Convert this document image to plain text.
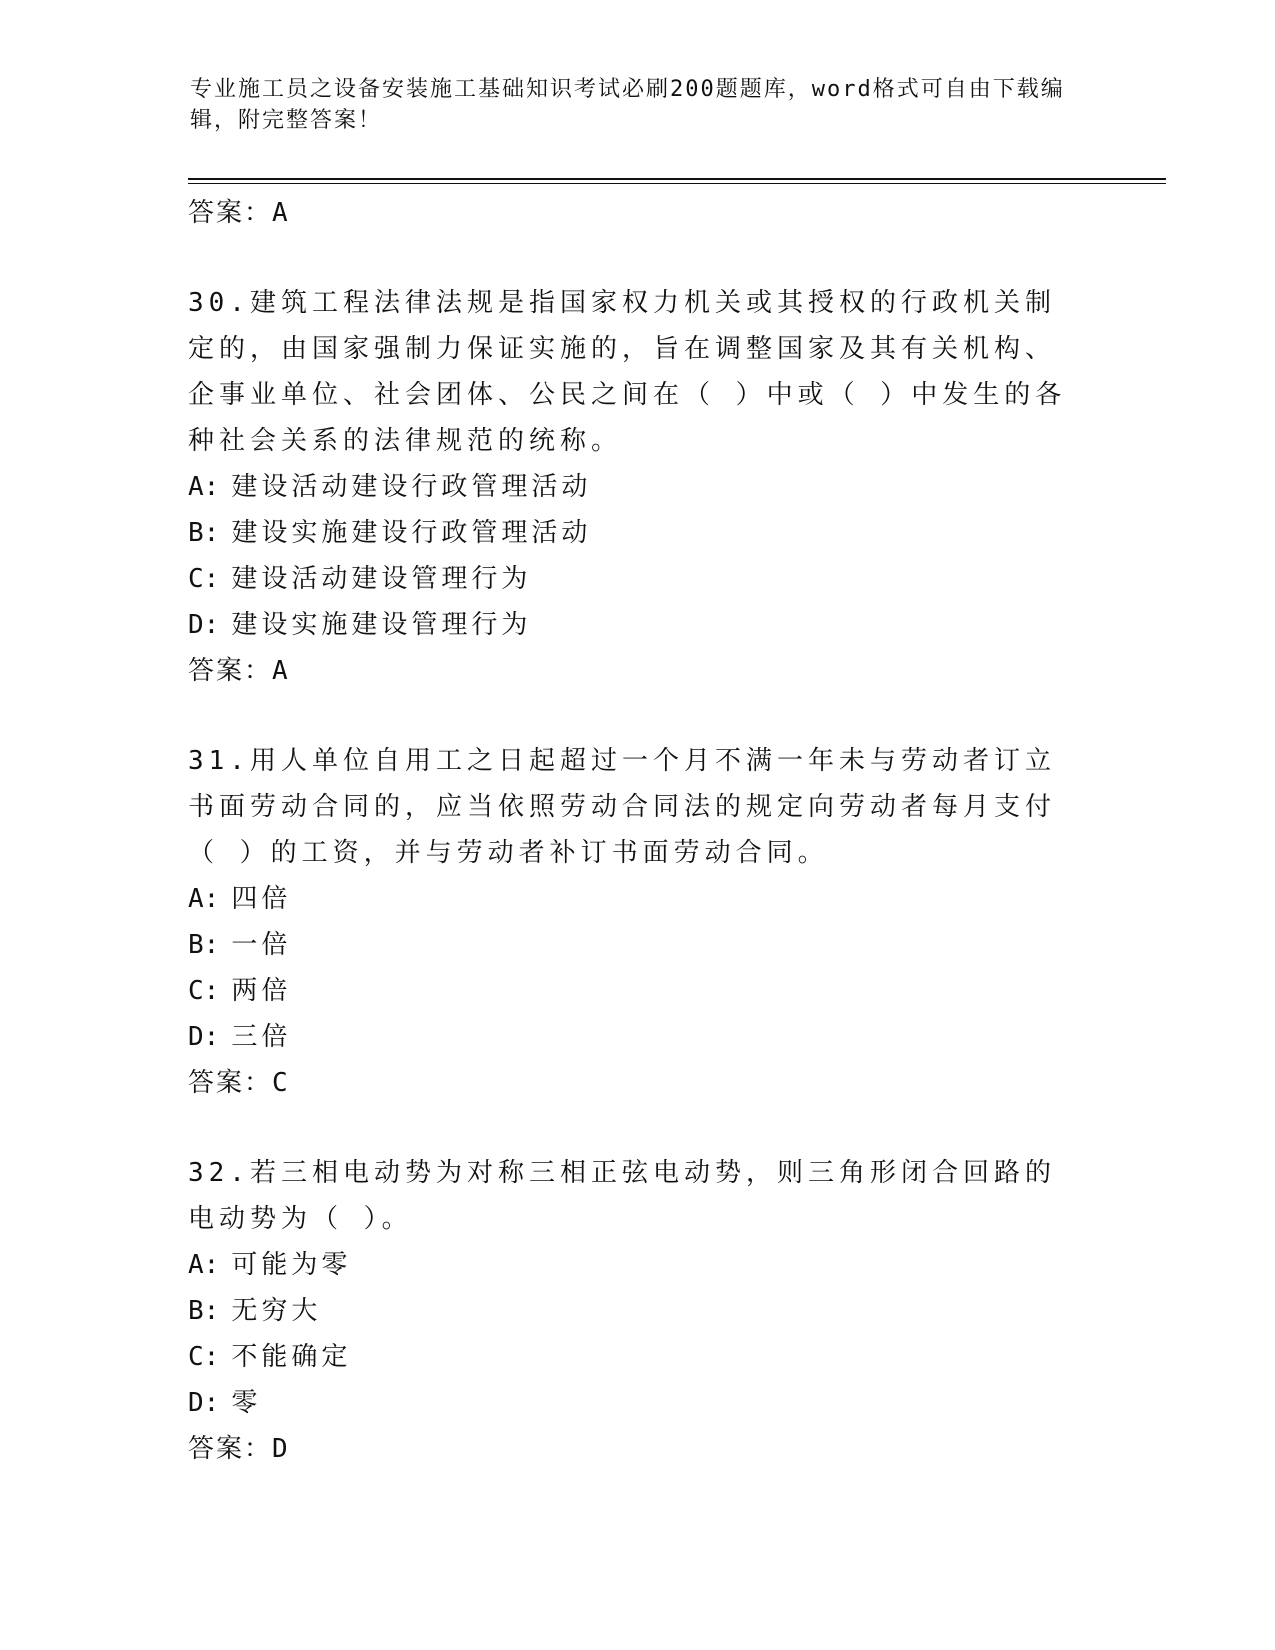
专业施工员之设备安装施工基础知识考试必刷200题题库，word格式可自由下载编辑，附完整答案！

答案：A

30.建筑工程法律法规是指国家权力机关或其授权的行政机关制定的，由国家强制力保证实施的，旨在调整国家及其有关机构、企事业单位、社会团体、公民之间在（ ）中或（ ）中发生的各种社会关系的法律规范的统称。

A: 建设活动建设行政管理活动

B: 建设实施建设行政管理活动

C: 建设活动建设管理行为

D: 建设实施建设管理行为

答案：A

31.用人单位自用工之日起超过一个月不满一年未与劳动者订立书面劳动合同的，应当依照劳动合同法的规定向劳动者每月支付（ ）的工资，并与劳动者补订书面劳动合同。

A: 四倍

B: 一倍

C: 两倍

D: 三倍

答案：C

32.若三相电动势为对称三相正弦电动势，则三角形闭合回路的电动势为（ ）。

A: 可能为零

B: 无穷大

C: 不能确定

D: 零

答案：D
